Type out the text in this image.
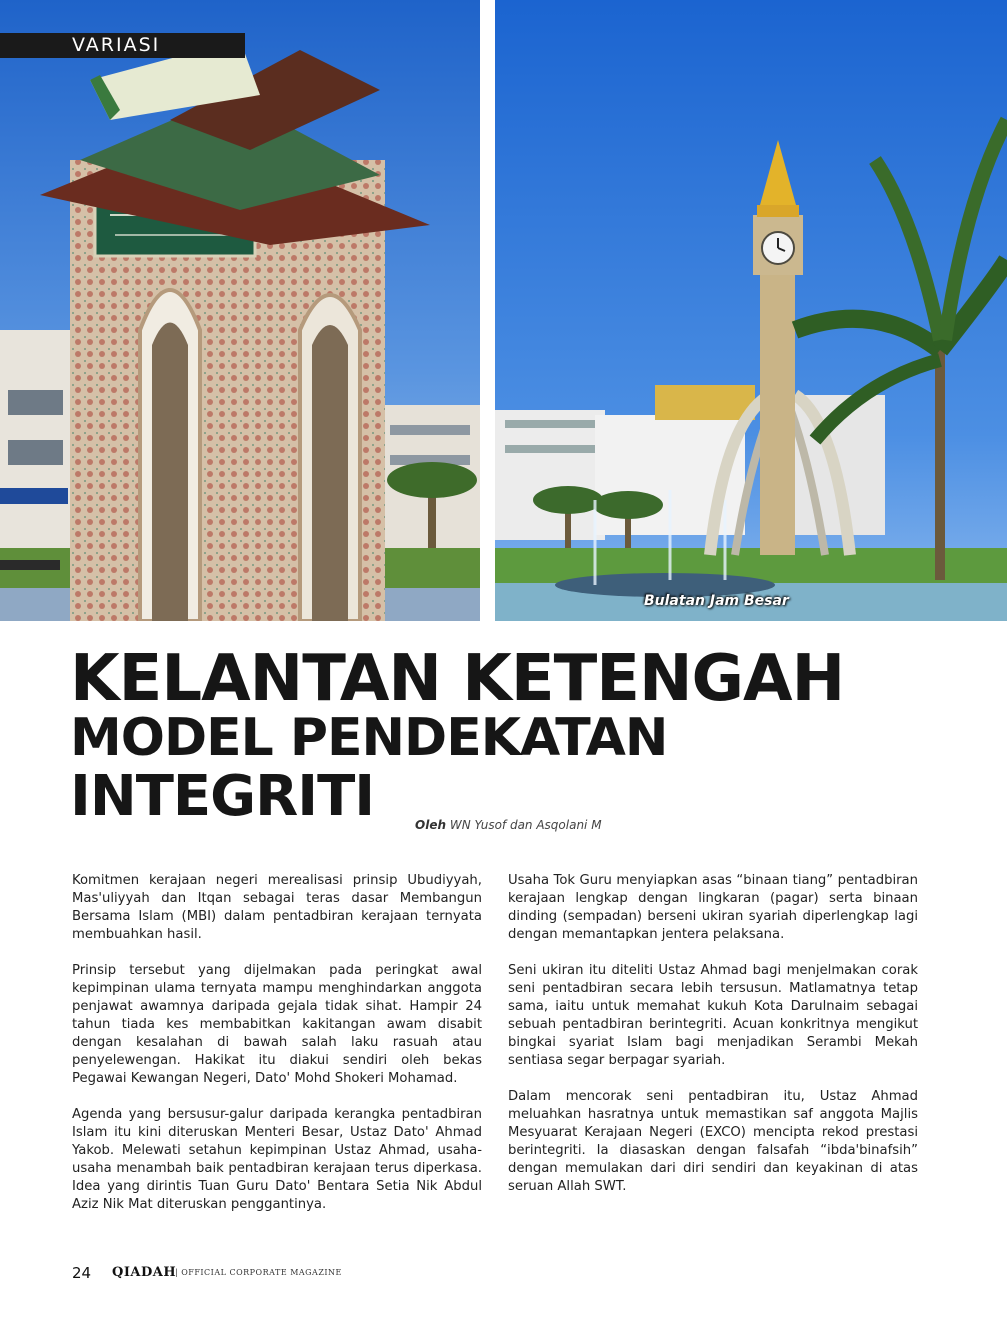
VARIASI
Bulatan Jam Besar
KELANTAN KETENGAH
MODEL PENDEKATAN
INTEGRITI	Oleh WN Yusof dan Asqolani M

Komitmen kerajaan negeri merealisasi prinsip Ubudiyyah, Mas'uliyyah dan Itqan sebagai teras dasar Membangun Bersama Islam (MBI) dalam pentadbiran kerajaan ternyata membuahkan hasil.

Prinsip tersebut yang dijelmakan pada peringkat awal kepimpinan ulama ternyata mampu menghindarkan anggota penjawat awamnya daripada gejala tidak sihat. Hampir 24 tahun tiada kes membabitkan kakitangan awam disabit dengan kesalahan di bawah salah laku rasuah atau penyelewengan. Hakikat itu diakui sendiri oleh bekas Pegawai Kewangan Negeri, Dato' Mohd Shokeri Mohamad.

Agenda yang bersusur-galur daripada kerangka pentadbiran Islam itu kini diteruskan Menteri Besar, Ustaz Dato' Ahmad Yakob. Melewati setahun kepimpinan Ustaz Ahmad, usaha-usaha menambah baik pentadbiran kerajaan terus diperkasa. Idea yang dirintis Tuan Guru Dato' Bentara Setia Nik Abdul Aziz Nik Mat diteruskan penggantinya.

Usaha Tok Guru menyiapkan asas “binaan tiang” pentadbiran kerajaan lengkap dengan lingkaran (pagar) serta binaan dinding (sempadan) berseni ukiran syariah diperlengkap lagi dengan memantapkan jentera pelaksana.

Seni ukiran itu diteliti Ustaz Ahmad bagi menjelmakan corak seni pentadbiran secara lebih tersusun. Matlamatnya tetap sama, iaitu untuk memahat kukuh Kota Darulnaim sebagai sebuah pentadbiran berintegriti. Acuan konkritnya mengikut bingkai syariat Islam bagi menjadikan Serambi Mekah sentiasa segar berpagar syariah.

Dalam mencorak seni pentadbiran itu, Ustaz Ahmad meluahkan hasratnya untuk memastikan saf anggota Majlis Mesyuarat Kerajaan Negeri (EXCO) mencipta rekod prestasi berintegriti. Ia diasaskan dengan falsafah “ibda'binafsih” dengan memulakan dari diri sendiri dan keyakinan di atas seruan Allah SWT.

24 QIADAH
| OFFICIAL CORPORATE MAGAZINE
